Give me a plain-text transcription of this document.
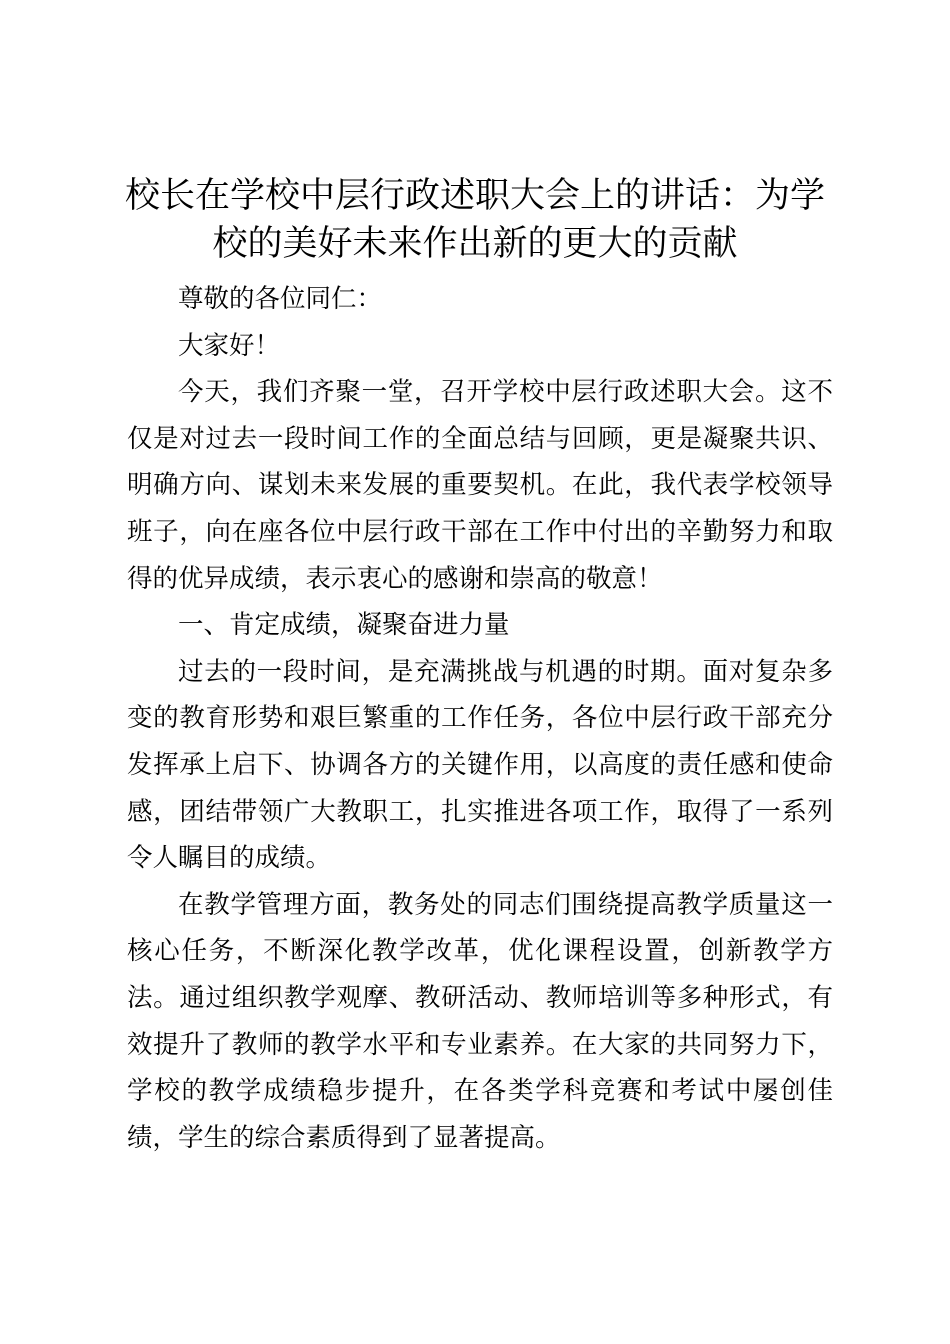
校长在学校中层行政述职大会上的讲话：为学校的美好未来作出新的更大的贡献

尊敬的各位同仁：

大家好！

今天，我们齐聚一堂，召开学校中层行政述职大会。这不仅是对过去一段时间工作的全面总结与回顾，更是凝聚共识、明确方向、谋划未来发展的重要契机。在此，我代表学校领导班子，向在座各位中层行政干部在工作中付出的辛勤努力和取得的优异成绩，表示衷心的感谢和崇高的敬意！

一、肯定成绩，凝聚奋进力量

过去的一段时间，是充满挑战与机遇的时期。面对复杂多变的教育形势和艰巨繁重的工作任务，各位中层行政干部充分发挥承上启下、协调各方的关键作用，以高度的责任感和使命感，团结带领广大教职工，扎实推进各项工作，取得了一系列令人瞩目的成绩。

在教学管理方面，教务处的同志们围绕提高教学质量这一核心任务，不断深化教学改革，优化课程设置，创新教学方法。通过组织教学观摩、教研活动、教师培训等多种形式，有效提升了教师的教学水平和专业素养。在大家的共同努力下，学校的教学成绩稳步提升，在各类学科竞赛和考试中屡创佳绩，学生的综合素质得到了显著提高。
